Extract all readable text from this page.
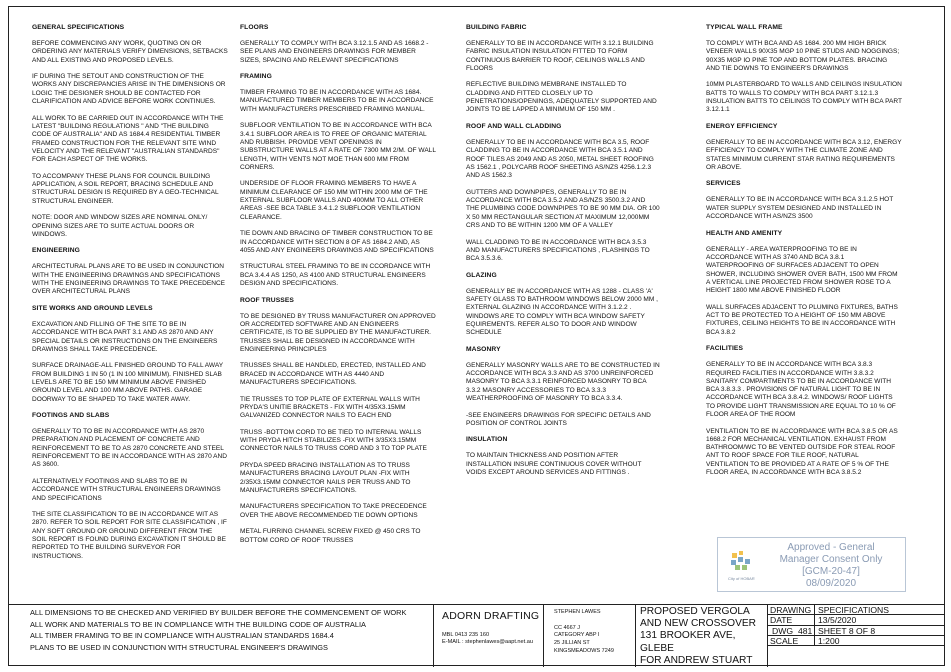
GENERAL SPECIFICATIONS

BEFORE COMMENCING ANY WORK, QUOTING ON OR ORDERING ANY MATERIALS VERIFY DIMENSIONS, SETBACKS AND ALL EXISTING AND PROPOSED LEVELS.

IF DURING THE SETOUT AND CONSTRUCTION OF THE WORKS ANY DISCREPANCIES ARISE IN THE DIMENSIONS OR LOGIC THE DESIGNER SHOULD BE CONTACTED FOR CLARIFICATION AND ADVICE BEFORE WORK CONTINUES.

ALL WORK TO BE CARRIED OUT IN ACCORDANCE WITH THE LATEST "BUILDING REGULATIONS " AND "THE BUILDING CODE OF AUSTRALIA" AND AS 1684.4 RESIDENTIAL TIMBER FRAMED CONSTRUCTION FOR THE RELEVANT SITE WIND VELOCITY AND THE RELEVANT "AUSTRALIAN STANDARDS" FOR EACH ASPECT OF THE WORKS.

TO ACCOMPANY THESE PLANS FOR COUNCIL BUILDING APPLICATION, A SOIL REPORT, BRACING SCHEDULE AND STRUCTURAL DESIGN IS REQUIRED BY A GEO-TECHNICAL STRUCTURAL ENGINEER.

NOTE: DOOR AND WINDOW SIZES ARE NOMINAL ONLY/ OPENING SIZES ARE TO SUITE ACTUAL DOORS OR WINDOWS.

ENGINEERING

ARCHITECTURAL PLANS ARE TO BE USED IN CONJUNCTION WITH THE ENGINEERING DRAWINGS AND SPECIFICATIONS WITH THE ENGINEERING DRAWINGS TO TAKE PRECEDENCE OVER ARCHITECTURAL PLANS

SITE WORKS AND GROUND LEVELS

EXCAVATION AND FILLING OF THE SITE TO BE IN ACCORDANCE WITH BCA PART 3.1 AND AS 2870 AND ANY SPECIAL DETAILS OR INSTRUCTIONS ON THE ENGINEERS DRAWINGS SHALL TAKE PRECEDENCE.

SURFACE DRAINAGE-ALL FINISHED GROUND TO FALL AWAY FROM BUILDING 1 IN 50 (1 IN 100 MINIMUM). FINISHED SLAB LEVELS ARE TO BE 150 MM MINIMUM ABOVE FINISHED GROUND LEVEL AND 100 MM ABOVE PATHS. GARAGE DOORWAY TO BE SHAPED TO TAKE WATER AWAY.

FOOTINGS AND SLABS

GENERALLY TO TO BE IN ACCORDANCE WITH AS 2870 PREPARATION AND PLACEMENT OF CONCRETE AND REINFORCEMENT TO BE TO AS 2870 CONCRETE AND STEEL REINFORCEMENT TO BE IN ACCORDANCE WITH AS 2870 AND AS 3600.

ALTERNATIVELY FOOTINGS AND SLABS TO BE IN ACCORDANCE WITH STRUCTURAL ENGINEERS DRAWINGS AND SPECIFICATIONS

THE SITE CLASSIFICATION TO BE IN ACCORDANCE WIT AS 2870. REFER TO SOIL REPORT FOR SITE CLASSIFICATION , IF ANY SOFT GROUND OR GROUND DIFFERENT FROM THE SOIL REPORT IS FOUND DURING EXCAVATION IT SHOULD BE REPORTED TO THE BUILDING SURVEYOR FOR INSTRUCTIONS.

FLOORS

GENERALLY TO COMPLY WITH BCA 3.12.1.5 AND AS 1668.2 - SEE PLANS AND ENGINEERS DRAWINGS FOR MEMBER SIZES, SPACING AND RELEVANT SPECIFICATIONS

FRAMING

TIMBER FRAMING TO BE IN ACCORDANCE WITH AS 1684. MANUFACTURED TIMBER MEMBERS TO BE IN ACCORDANCE WITH MANUFACTURERS PRESCRIBED FRAMING MANUAL.

SUBFLOOR VENTILATION TO BE IN ACCORDANCE WITH BCA 3.4.1 SUBFLOOR AREA IS TO FREE OF ORGANIC MATERIAL AND RUBBISH. PROVIDE VENT OPENINGS IN SUBSTRUCTURE WALLS AT A RATE OF 7300 MM 2/M. OF WALL LENGTH, WITH VENTS NOT MOE THAN 600 MM FROM CORNERS.

UNDERSIDE OF FLOOR FRAMING MEMBERS TO HAVE A MINIMUM CLEARANCE OF 150 MM WITHIN 2000 MM OF THE EXTERNAL SUBFLOOR WALLS AND 400MM TO ALL OTHER AREAS -SEE BCA TABLE 3.4.1.2 SUBFLOOR VENTILATION CLEARANCE.

TIE DOWN AND BRACING OF TIMBER CONSTRUCTION TO BE IN ACCORDANCE WITH SECTION 8 OF AS 1684.2 AND, AS 4055 AND ANY ENGINEERS DRAWINGS AND SPECIFICATIONS

STRUCTURAL STEEL FRAMING TO BE IN CCORDANCE WITH BCA 3.4.4 AS 1250, AS 4100 AND STRUCTURAL ENGINEERS DESIGN AND SPECIFICATIONS.

ROOF TRUSSES

TO BE DESIGNED BY TRUSS MANUFACTURER ON APPROVED OR ACCREDITED SOFTWARE AND AN ENGINEERS CERTIFICATE, IS TO BE SUPPLIED BY THE MANUFACTURER. TRUSSES SHALL BE DESIGNED IN ACCORDANCE WITH ENGINEERING PRINCIPLES

TRUSSES SHALL BE HANDLED, ERECTED, INSTALLED AND BRACED IN ACCORDANCE WITH AS 4440 AND MANUFACTURERS SPECIFICATIONS.

TIE TRUSSES TO TOP PLATE OF EXTERNAL WALLS WITH PRYDA'S UNITIE BRACKETS - FIX WITH 4/35X3.15MM GALVANIZED CONNECTOR NAILS TO EACH END

TRUSS -BOTTOM CORD TO BE TIED TO INTERNAL WALLS WITH PRYDA HITCH STABILIZES -FIX WITH 3/35X3.15MM CONNECTOR NAILS TO TRUSS CORD AND 3 TO TOP PLATE

PRYDA SPEED BRACING INSTALLATION AS TO TRUSS MANUFACTURERS BRACING LAYOUT PLAN -FIX WITH 2/35X3.15MM CONNECTOR NAILS PER TRUSS AND TO MANUFACTURERS SPECIFICATIONS.

MANUFACTURERS SPECIFICATION TO TAKE PRECEDENCE OVER THE ABOVE RECOMMENDED TIE DOWN OPTIONS

METAL FURRING CHANNEL SCREW FIXED @ 450 CRS TO BOTTOM CORD OF ROOF TRUSSES

BUILDING FABRIC

GENERALLY TO BE IN ACCORDANCE WITH 3.12.1 BUILDING FABRIC INSULATION INSULATION FITTED TO FORM CONTINUOUS BARRIER TO ROOF, CEILINGS WALLS AND FLOORS

REFLECTIVE BUILDING MEMBRANE INSTALLED TO CLADDING AND FITTED CLOSELY UP TO PENETRATIONS/OPENINGS, ADEQUATELY SUPPORTED AND JOINTS TO BE LAPPED A MINIMUM OF 150 MM .

ROOF AND WALL CLADDING

GENERALLY TO BE IN ACCORDANCE WITH BCA 3.5, ROOF CLADDING TO BE IN ACCORDANCE WITH BCA 3.5.1 AND ROOF TILES AS 2049 AND AS 2050, METAL SHEET ROOFING AS 1562.1 , POLYCARB ROOF SHEETING AS/NZS 4256.1.2.3 AND AS 1562.3

GUTTERS AND DOWNPIPES, GENERALLY TO BE IN ACCORDANCE WITH BCA 3.5.2 AND AS/NZS 3500.3.2 AND THE PLUMBING CODE DOWNPIPES TO BE 90 MM DIA. OR 100 X 50 MM RECTANGULAR SECTION AT MAXIMUM 12,000MM CRS AND TO BE WITHIN 1200 MM OF A VALLEY

WALL CLADDING TO BE IN ACCORDANCE WITH BCA 3.5.3 AND MANUFACTURERS SPECIFICATIONS , FLASHINGS TO BCA 3.5.3.6.

GLAZING

GENERALLY BE IN ACCORDANCE WITH AS 1288 - CLASS 'A' SAFETY GLASS TO BATHROOM WINDOWS BELOW 2000 MM , EXTERNAL GLAZING IN ACCORDANCE WITH 3.1.2.2 . WINDOWS ARE TO COMPLY WITH BCA WINDOW SAFETY EQUIREMENTS. REFER ALSO TO DOOR AND WINDOW SCHEDULE

MASONRY

GENERALLY MASONRY WALLS ARE TO BE CONSTRUCTED IN ACCORDANCE WITH BCA 3.3 AND AS 3700 UNREINFORCED MASONRY TO BCA 3.3.1 REINFORCED MASONRY TO BCA 3.3.2 MASONRY ACCESSORIES TO BCA 3.3.3 WEATHERPROOFING OF MASONRY TO BCA 3.3.4.

-SEE ENGINEERS DRAWINGS FOR SPECIFIC DETAILS AND POSITION OF CONTROL JOINTS

INSULATION

TO MAINTAIN THICKNESS AND POSITION AFTER INSTALLATION INSURE CONTINUOUS COVER WITHOUT VOIDS EXCEPT AROUND SERVICES AND FITTINGS .

TYPICAL WALL FRAME

TO COMPLY WITH BCA AND AS 1684. 200 MM HIGH BRICK VENEER WALLS 90X35 MGP 10 PINE STUDS AND NOGGINGS; 90X35 MGP IO PINE TOP AND BOTTOM PLATES. BRACING AND TIE DOWNS TO ENGINEER'S DRAWINGS

10MM PLASTERBOARD TO WALLS AND CEILINGS INSULATION BATTS TO WALLS TO COMPLY WITH BCA PART 3.12.1.3 INSULATION BATTS TO CEILINGS TO COMPLY WITH BCA PART 3.12.1.1

ENERGY EFFICIENCY

GENERALLY TO BE IN ACCORDANCE WITH BCA 3.12, ENERGY EFFICIENCY TO COMPLY WITH THE CLIMATE ZONE AND STATES MINIMUM CURRENT STAR RATING REQUIREMENTS OR ABOVE.

SERVICES

GENERALLY TO BE IN ACCORDANCE WITH BCA 3.1.2.5 HOT WATER SUPPLY SYSTEM DESIGNED AND INSTALLED IN ACCORDANCE WITH AS/NZS 3500

HEALTH AND AMENITY

GENERALLY - AREA WATERPROOFING TO BE IN ACCORDANCE WITH AS 3740 AND BCA 3.8.1 WATERPROOFING OF SURFACES ADJACENT TO OPEN SHOWER, INCLUDING SHOWER OVER BATH, 1500 MM FROM A VERTICAL LINE PROJECTED FROM SHOWER ROSE TO A HEIGHT 1800 MM ABOVE FINISHED FLOOR

WALL SURFACES ADJACENT TO PLUMING FIXTURES, BATHS ACT TO BE PROTECTED TO A HEIGHT OF 150 MM ABOVE FIXTURES, CEILING HEIGHTS TO BE IN ACCORDANCE WITH BCA 3.8.2

FACILITIES

GENERALLY TO BE IN ACCORDANCE WITH BCA 3.8.3 REQUIRED FACILITIES IN ACCORDANCE WITH 3.8.3.2 SANITARY COMPARTMENTS TO BE IN ACCORDANCE WITH BCA 3.8.3.3 . PROVISIONS OF NATURAL LIGHT TO BE IN ACCORDANCE WITH BCA 3.8.4.2. WINDOWS/ ROOF LIGHTS TO PROVIDE LIGHT TRANSMISSION ARE EQUAL TO 10 % OF FLOOR AREA OF THE ROOM

VENTILATION TO BE IN ACCORDANCE WITH BCA 3.8.5 OR AS 1668.2 FOR MECHANICAL VENTILATION. EXHAUST FROM BATHROOM/WC TO BE VENTED OUTSIDE FOR STEAL ROOF ANT TO ROOF SPACE FOR TILE ROOF, NATURAL VENTILATION TO BE PROVIDED AT A RATE OF 5 % OF THE FLOOR AREA, IN ACCORDANCE WITH BCA 3.8.5.2

City of HOBART
Approved - General
Manager Consent Only
[GCM-20-47]
08/09/2020
ALL DIMENSIONS TO BE CHECKED AND VERIFIED BY BUILDER BEFORE THE COMMENCEMENT OF WORK
ALL WORK AND MATERIALS TO BE IN COMPLIANCE WITH THE BUILDING CODE OF AUSTRALIA
ALL TIMBER FRAMING TO BE IN COMPLIANCE WITH AUSTRALIAN STANDARDS 1684.4
PLANS TO BE USED IN CONJUNCTION WITH STRUCTURAL ENGINEER'S DRAWINGS
ADORN DRAFTING
MBL 0413 235 160
E-MAIL : stephenlawes@aapt.net.au
STEPHEN LAWES

CC 4667 J
CATEGORY ABP I
25 JILLIAN ST
KINGSMEADOWS 7249
PROPOSED VERGOLA
AND NEW CROSSOVER
131 BROOKER AVE, GLEBE
FOR ANDREW STUART
DRAWING SPECIFICATIONS
DATE	13/5/2020
DWG 481 SHEET 8 OF 8
SCALE	1:200
